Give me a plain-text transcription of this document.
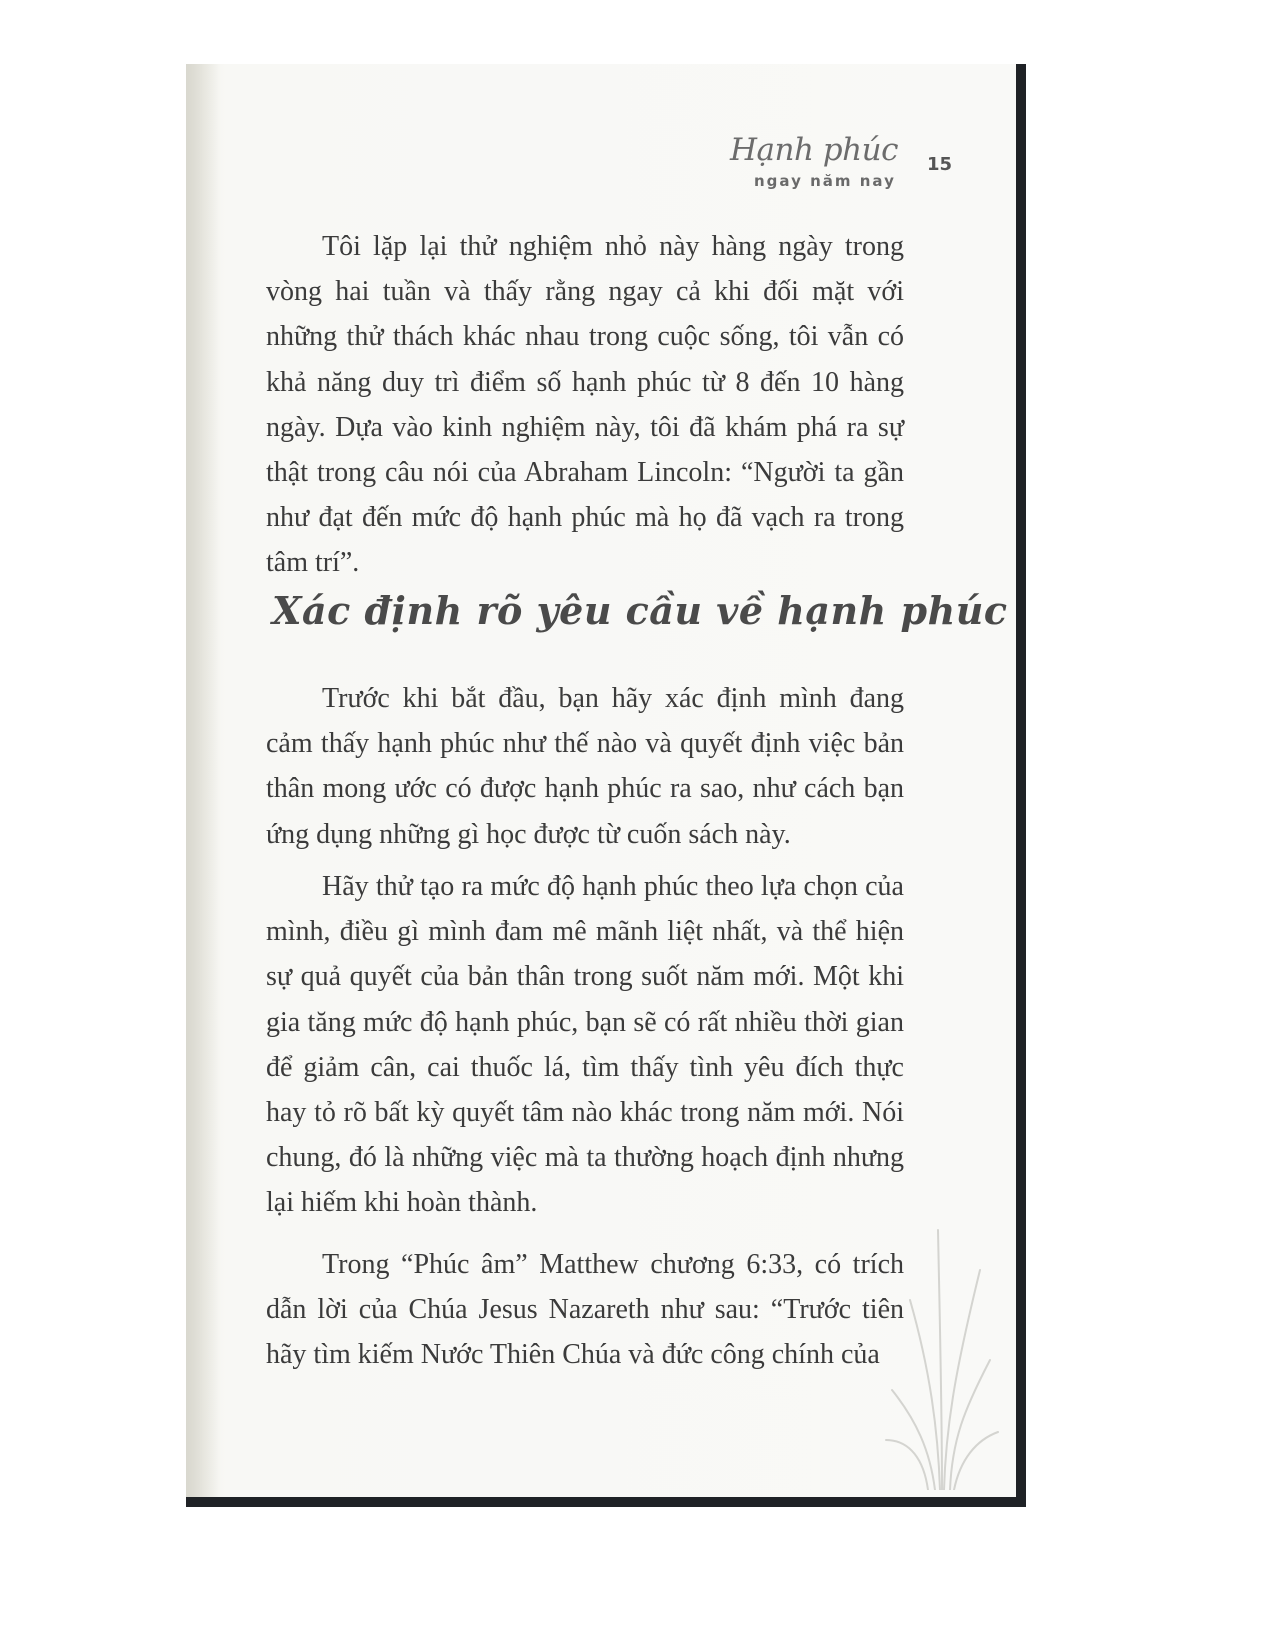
Hạnh phúc
ngay năm nay
15

Tôi lặp lại thử nghiệm nhỏ này hàng ngày trong vòng hai tuần và thấy rằng ngay cả khi đối mặt với những thử thách khác nhau trong cuộc sống, tôi vẫn có khả năng duy trì điểm số hạnh phúc từ 8 đến 10 hàng ngày. Dựa vào kinh nghiệm này, tôi đã khám phá ra sự thật trong câu nói của Abraham Lincoln: “Người ta gần như đạt đến mức độ hạnh phúc mà họ đã vạch ra trong tâm trí”.

Xác định rõ yêu cầu về hạnh phúc

Trước khi bắt đầu, bạn hãy xác định mình đang cảm thấy hạnh phúc như thế nào và quyết định việc bản thân mong ước có được hạnh phúc ra sao, như cách bạn ứng dụng những gì học được từ cuốn sách này.

Hãy thử tạo ra mức độ hạnh phúc theo lựa chọn của mình, điều gì mình đam mê mãnh liệt nhất, và thể hiện sự quả quyết của bản thân trong suốt năm mới. Một khi gia tăng mức độ hạnh phúc, bạn sẽ có rất nhiều thời gian để giảm cân, cai thuốc lá, tìm thấy tình yêu đích thực hay tỏ rõ bất kỳ quyết tâm nào khác trong năm mới. Nói chung, đó là những việc mà ta thường hoạch định nhưng lại hiếm khi hoàn thành.

Trong “Phúc âm” Matthew chương 6:33, có trích dẫn lời của Chúa Jesus Nazareth như sau: “Trước tiên hãy tìm kiếm Nước Thiên Chúa và đức công chính của
